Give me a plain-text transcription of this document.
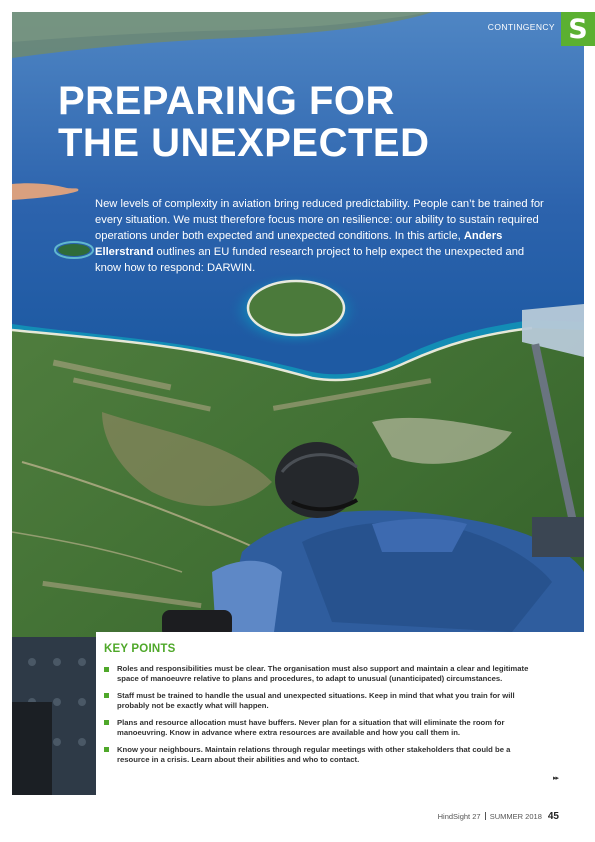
CONTINGENCY S
PREPARING FOR
THE UNEXPECTED

New levels of complexity in aviation bring reduced predictability. People can’t be trained for every situation. We must therefore focus more on resilience: our ability to sustain required operations under both expected and unexpected conditions. In this article, Anders Ellerstrand outlines an EU funded research project to help expect the unexpected and know how to respond: DARWIN.

KEY POINTS
Roles and responsibilities must be clear. The organisation must also support and maintain a clear and legitimate space of manoeuvre relative to plans and procedures, to adapt to unusual (unanticipated) circumstances.
Staff must be trained to handle the usual and unexpected situations. Keep in mind that what you train for will probably not be exactly what will happen.
Plans and resource allocation must have buffers. Never plan for a situation that will eliminate the room for manoeuvring. Know in advance where extra resources are available and how you call them in.
Know your neighbours. Maintain relations through regular meetings with other stakeholders that could be a resource in a crisis. Learn about their abilities and who to contact.
▸▸
HindSight 27 SUMMER 2018 45
